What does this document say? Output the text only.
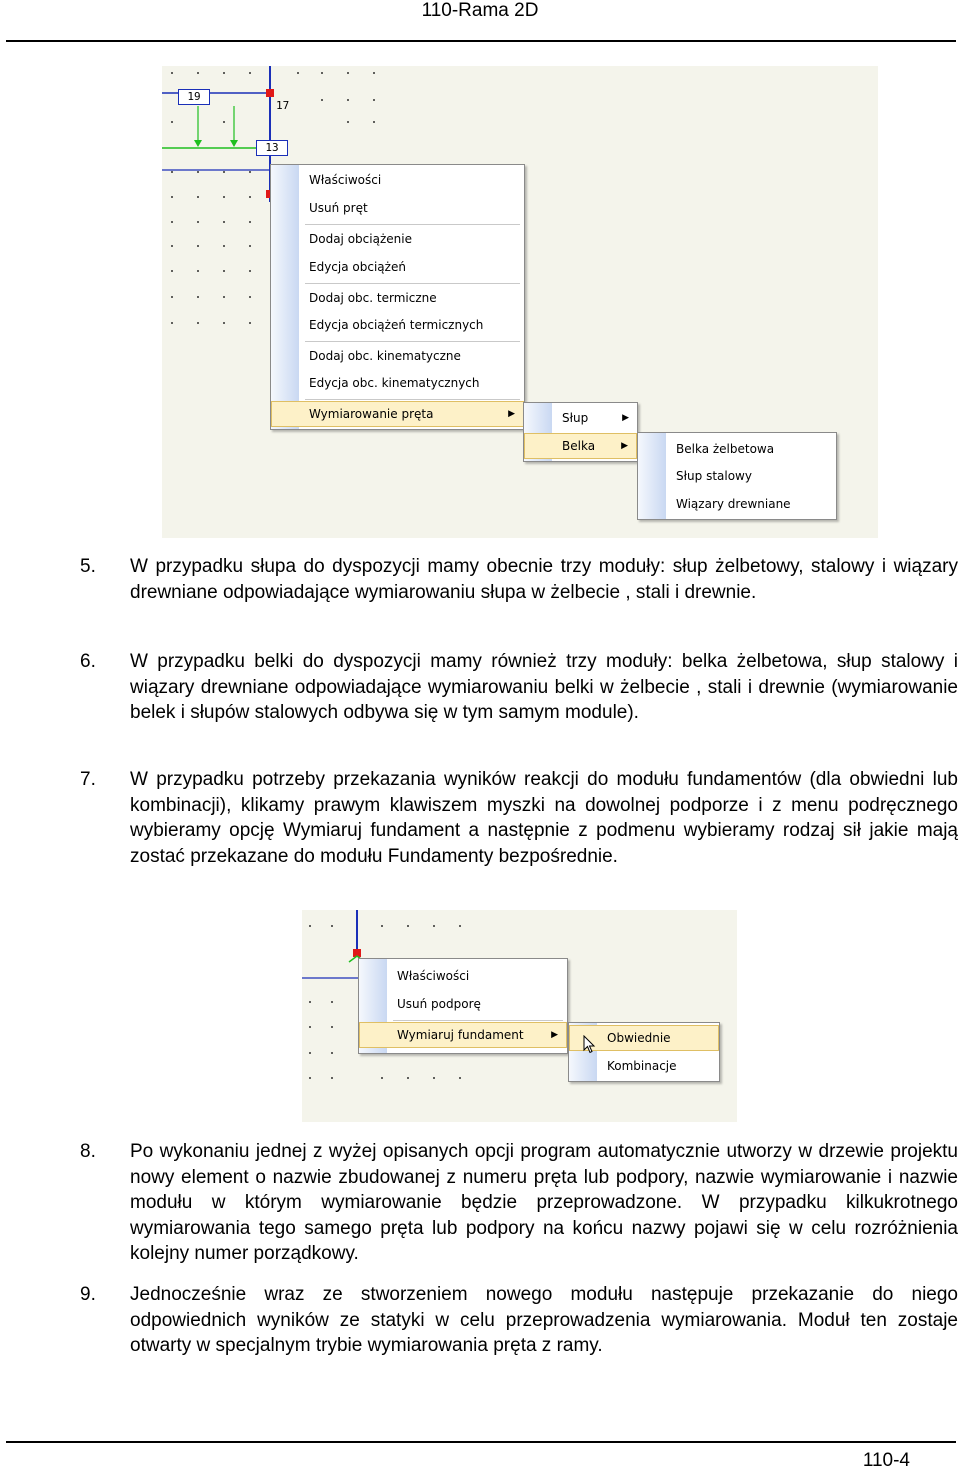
110-Rama 2D
19
17
13
Właściwości
Usuń pręt
Dodaj obciążenie
Edycja obciążeń
Dodaj obc. termiczne
Edycja obciążeń termicznych
Dodaj obc. kinematyczne
Edycja obc. kinematycznych
Wymiarowanie pręta	▶	Słup	▶
Belka	▶	Belka żelbetowa
Słup stalowy
Wiązary drewniane
5. W przypadku słupa do dyspozycji mamy obecnie trzy moduły: słup żelbetowy, stalowy i wiązary drewniane odpowiadające wymiarowaniu słupa w żelbecie , stali i drewnie.
6. W przypadku belki do dyspozycji mamy również trzy moduły: belka żelbetowa, słup stalowy i wiązary drewniane odpowiadające wymiarowaniu belki w żelbecie , stali i drewnie (wymiarowanie belek i słupów stalowych odbywa się w tym samym module).
7. W przypadku potrzeby przekazania wyników reakcji do modułu fundamentów (dla obwiedni lub kombinacji), klikamy prawym klawiszem myszki na dowolnej podporze i z menu podręcznego wybieramy opcję Wymiaruj fundament a następnie z podmenu wybieramy rodzaj sił jakie mają zostać przekazane do modułu Fundamenty bezpośrednie.
Właściwości
Usuń podporę
Wymiaruj fundament	▶	Obwiednie
Kombinacje
8. Po wykonaniu jednej z wyżej opisanych opcji program automatycznie utworzy w drzewie projektu nowy element o nazwie zbudowanej z numeru pręta lub podpory, nazwie wymiarowanie i nazwie modułu w którym wymiarowanie będzie przeprowadzone. W przypadku kilkukrotnego wymiarowania tego samego pręta lub podpory na końcu nazwy pojawi się w celu rozróżnienia kolejny numer porządkowy.
9. Jednocześnie wraz ze stworzeniem nowego modułu następuje przekazanie do niego odpowiednich wyników ze statyki w celu przeprowadzenia wymiarowania. Moduł ten zostaje otwarty w specjalnym trybie wymiarowania pręta z ramy.
110-4
